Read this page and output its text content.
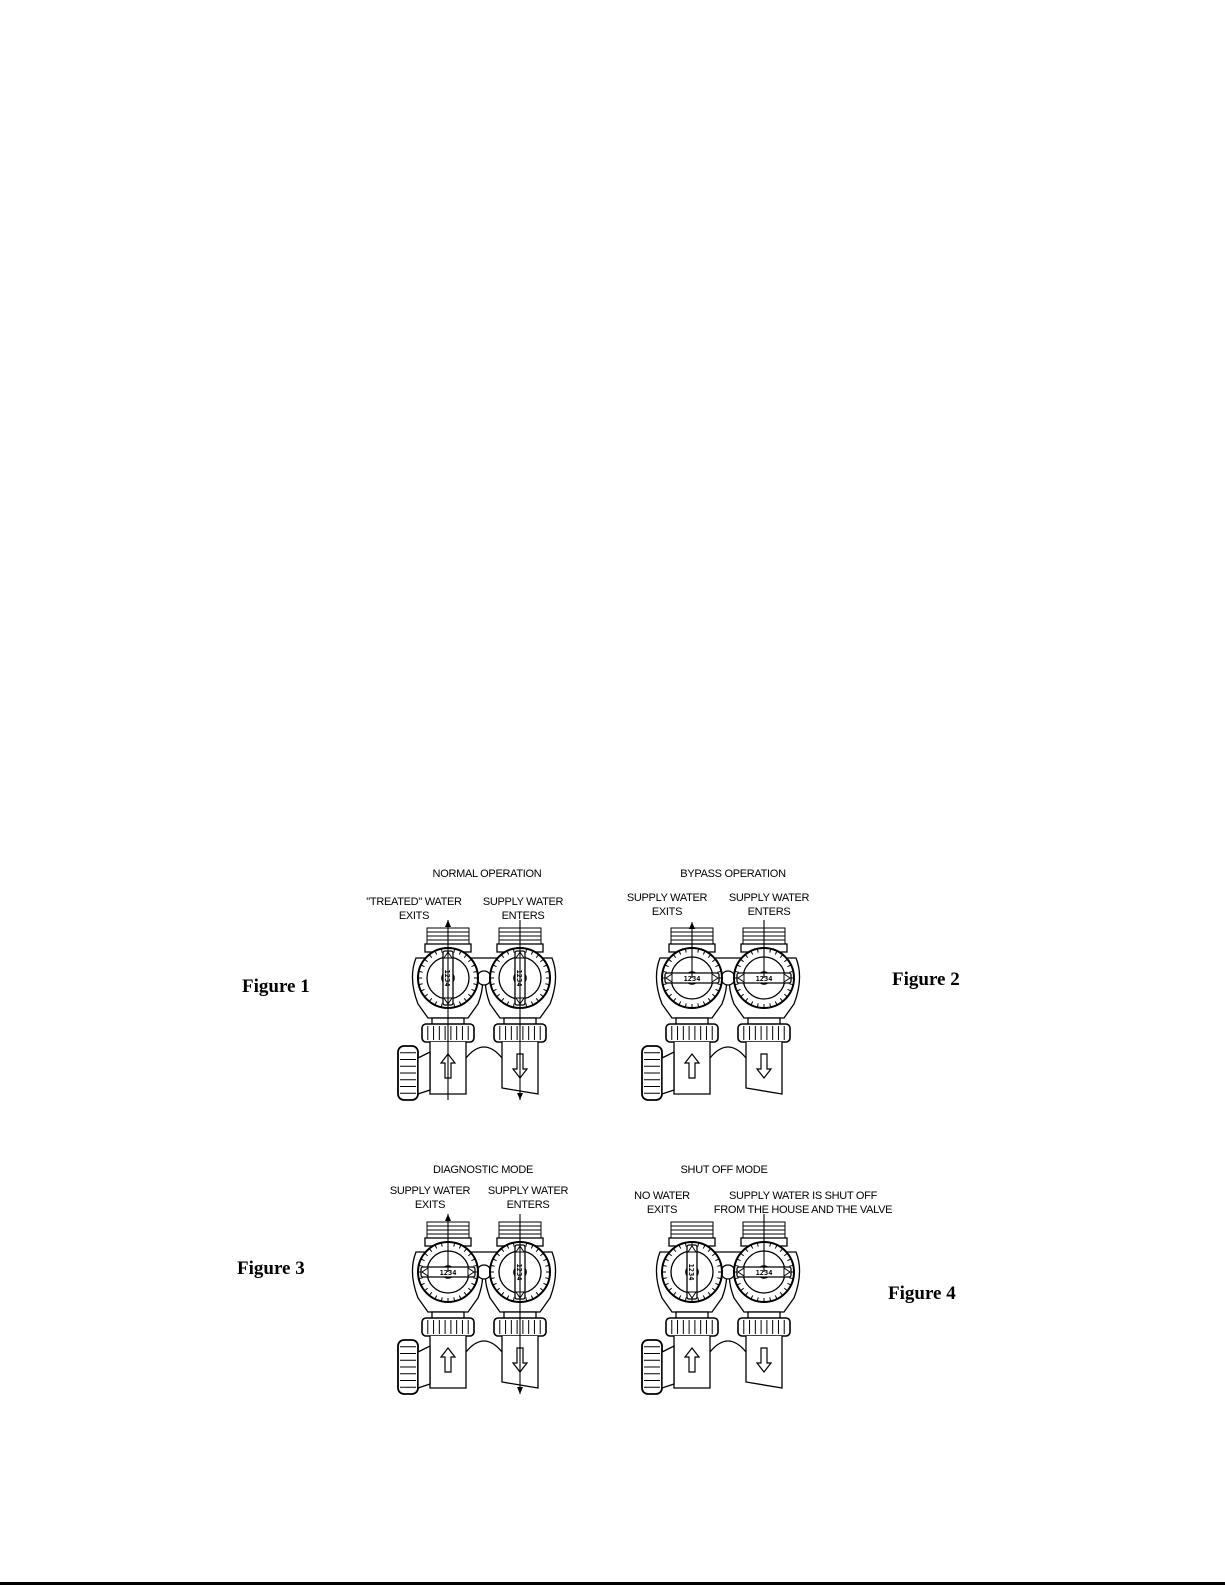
Figure 1
NORMAL OPERATION
"TREATED" WATER
EXITS
SUPPLY WATER
ENTERS
1234	1234	Figure 2
BYPASS OPERATION
SUPPLY WATER
EXITS
SUPPLY WATER
ENTERS
1234	1234
Figure 3
DIAGNOSTIC MODE
SUPPLY WATER
EXITS
SUPPLY WATER
ENTERS
1234	1234
Figure 4
SHUT OFF MODE
NO WATER
EXITS
SUPPLY WATER IS SHUT OFF
FROM THE HOUSE AND THE VALVE
1234	1234
